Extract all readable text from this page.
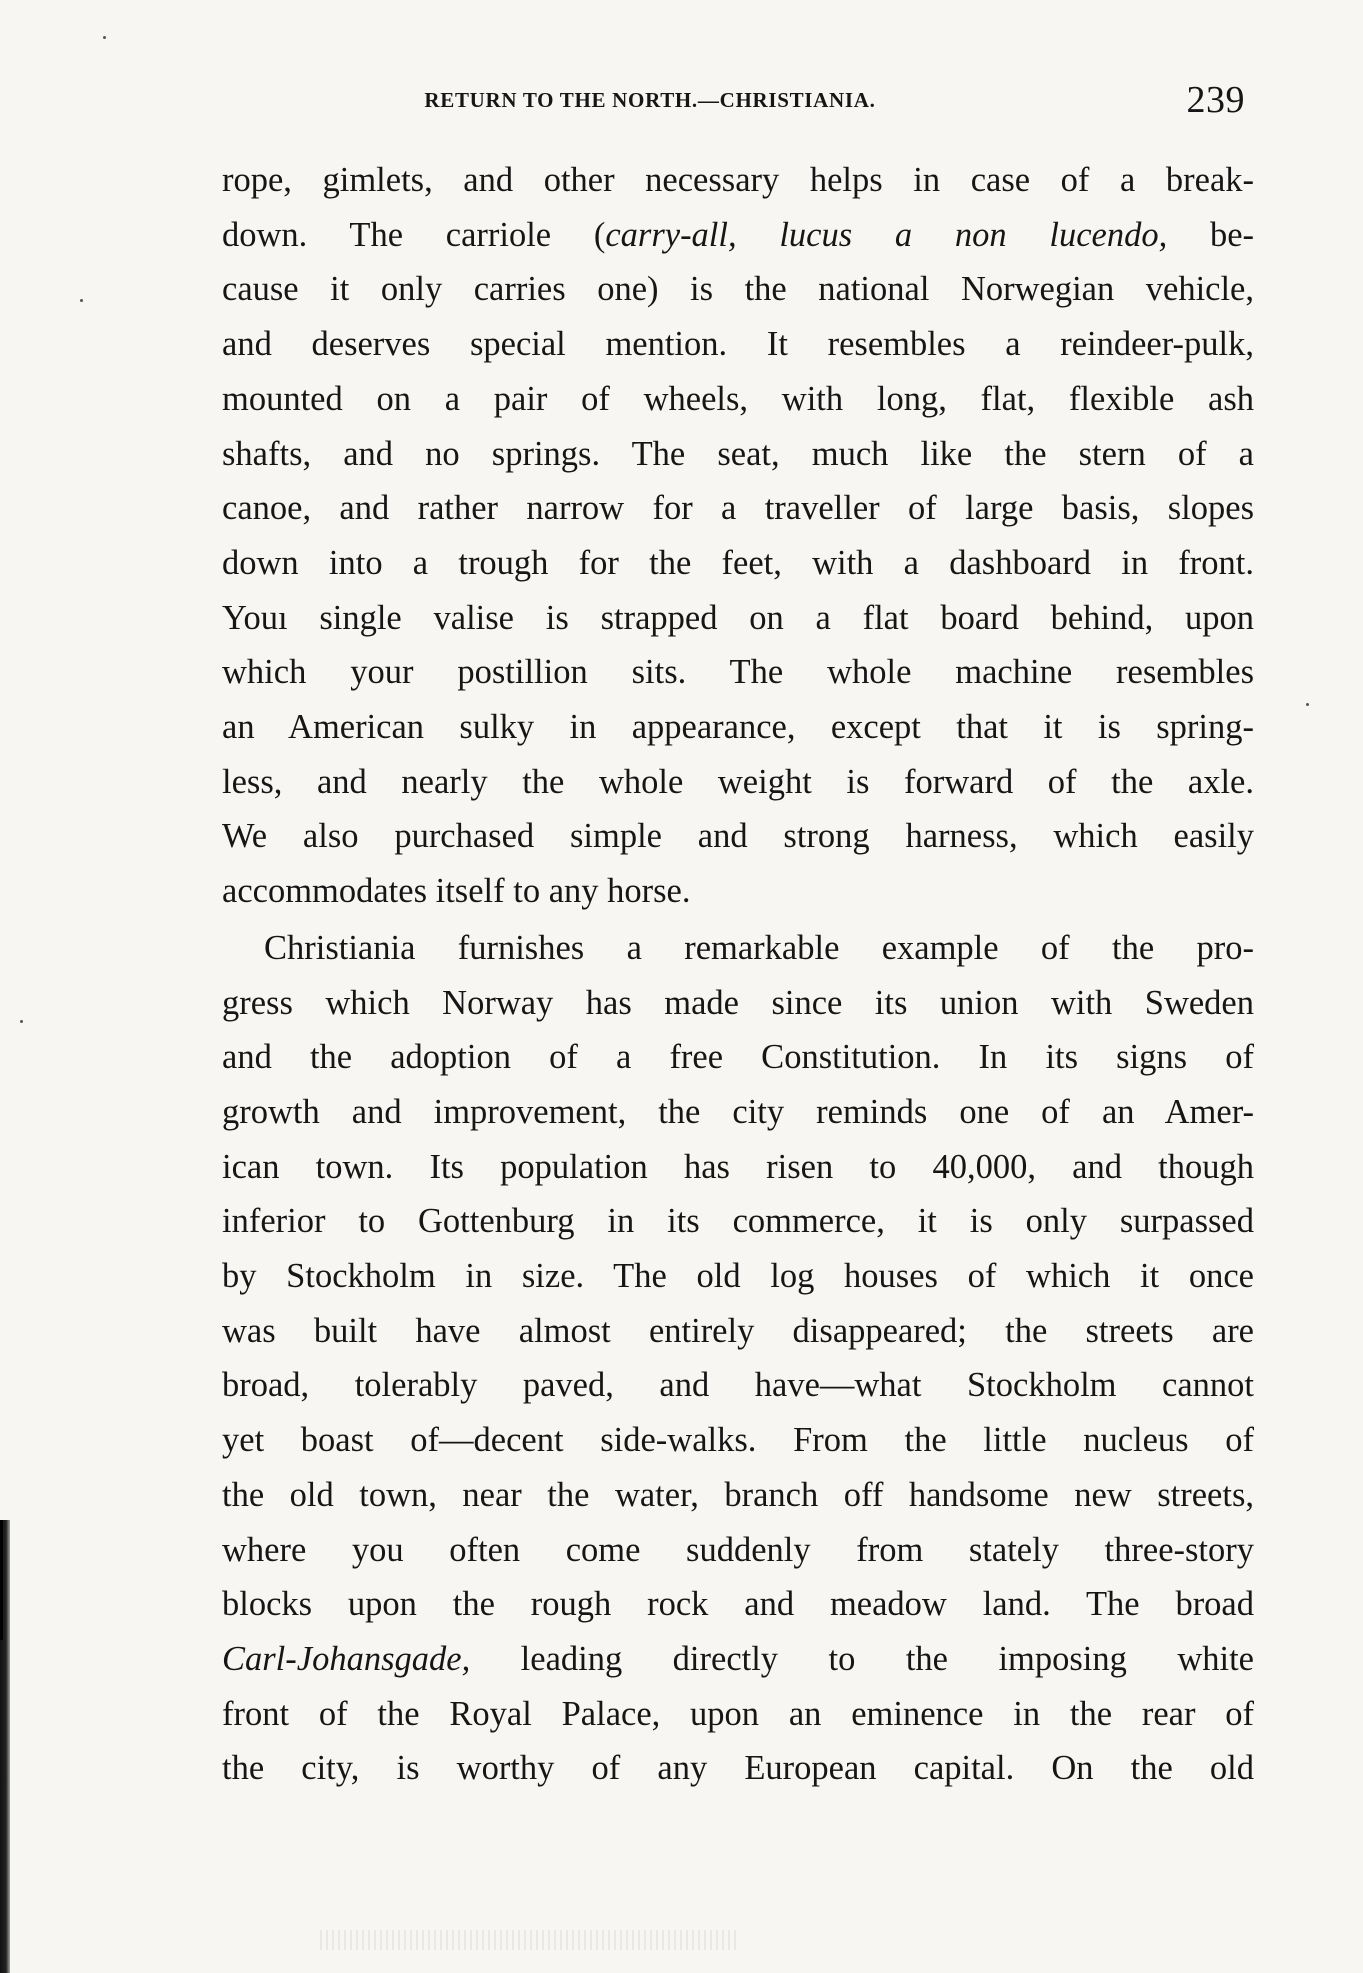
RETURN TO THE NORTH.—CHRISTIANIA.	239
rope, gimlets, and other necessary helps in case of a break-
down. The carriole (carry-all, lucus a non lucendo, be-
cause it only carries one) is the national Norwegian vehicle,
and deserves special mention. It resembles a reindeer-pulk,
mounted on a pair of wheels, with long, flat, flexible ash
shafts, and no springs. The seat, much like the stern of a
canoe, and rather narrow for a traveller of large basis, slopes
down into a trough for the feet, with a dashboard in front.
Youı single valise is strapped on a flat board behind, upon
which your postillion sits. The whole machine resembles
an American sulky in appearance, except that it is spring-
less, and nearly the whole weight is forward of the axle.
We also purchased simple and strong harness, which easily
accommodates itself to any horse.
Christiania furnishes a remarkable example of the pro-
gress which Norway has made since its union with Sweden
and the adoption of a free Constitution. In its signs of
growth and improvement, the city reminds one of an Amer-
ican town. Its population has risen to 40,000, and though
inferior to Gottenburg in its commerce, it is only surpassed
by Stockholm in size. The old log houses of which it once
was built have almost entirely disappeared; the streets are
broad, tolerably paved, and have—what Stockholm cannot
yet boast of—decent side-walks. From the little nucleus of
the old town, near the water, branch off handsome new streets,
where you often come suddenly from stately three-story
blocks upon the rough rock and meadow land. The broad
Carl-Johansgade, leading directly to the imposing white
front of the Royal Palace, upon an eminence in the rear of
the city, is worthy of any European capital. On the old
